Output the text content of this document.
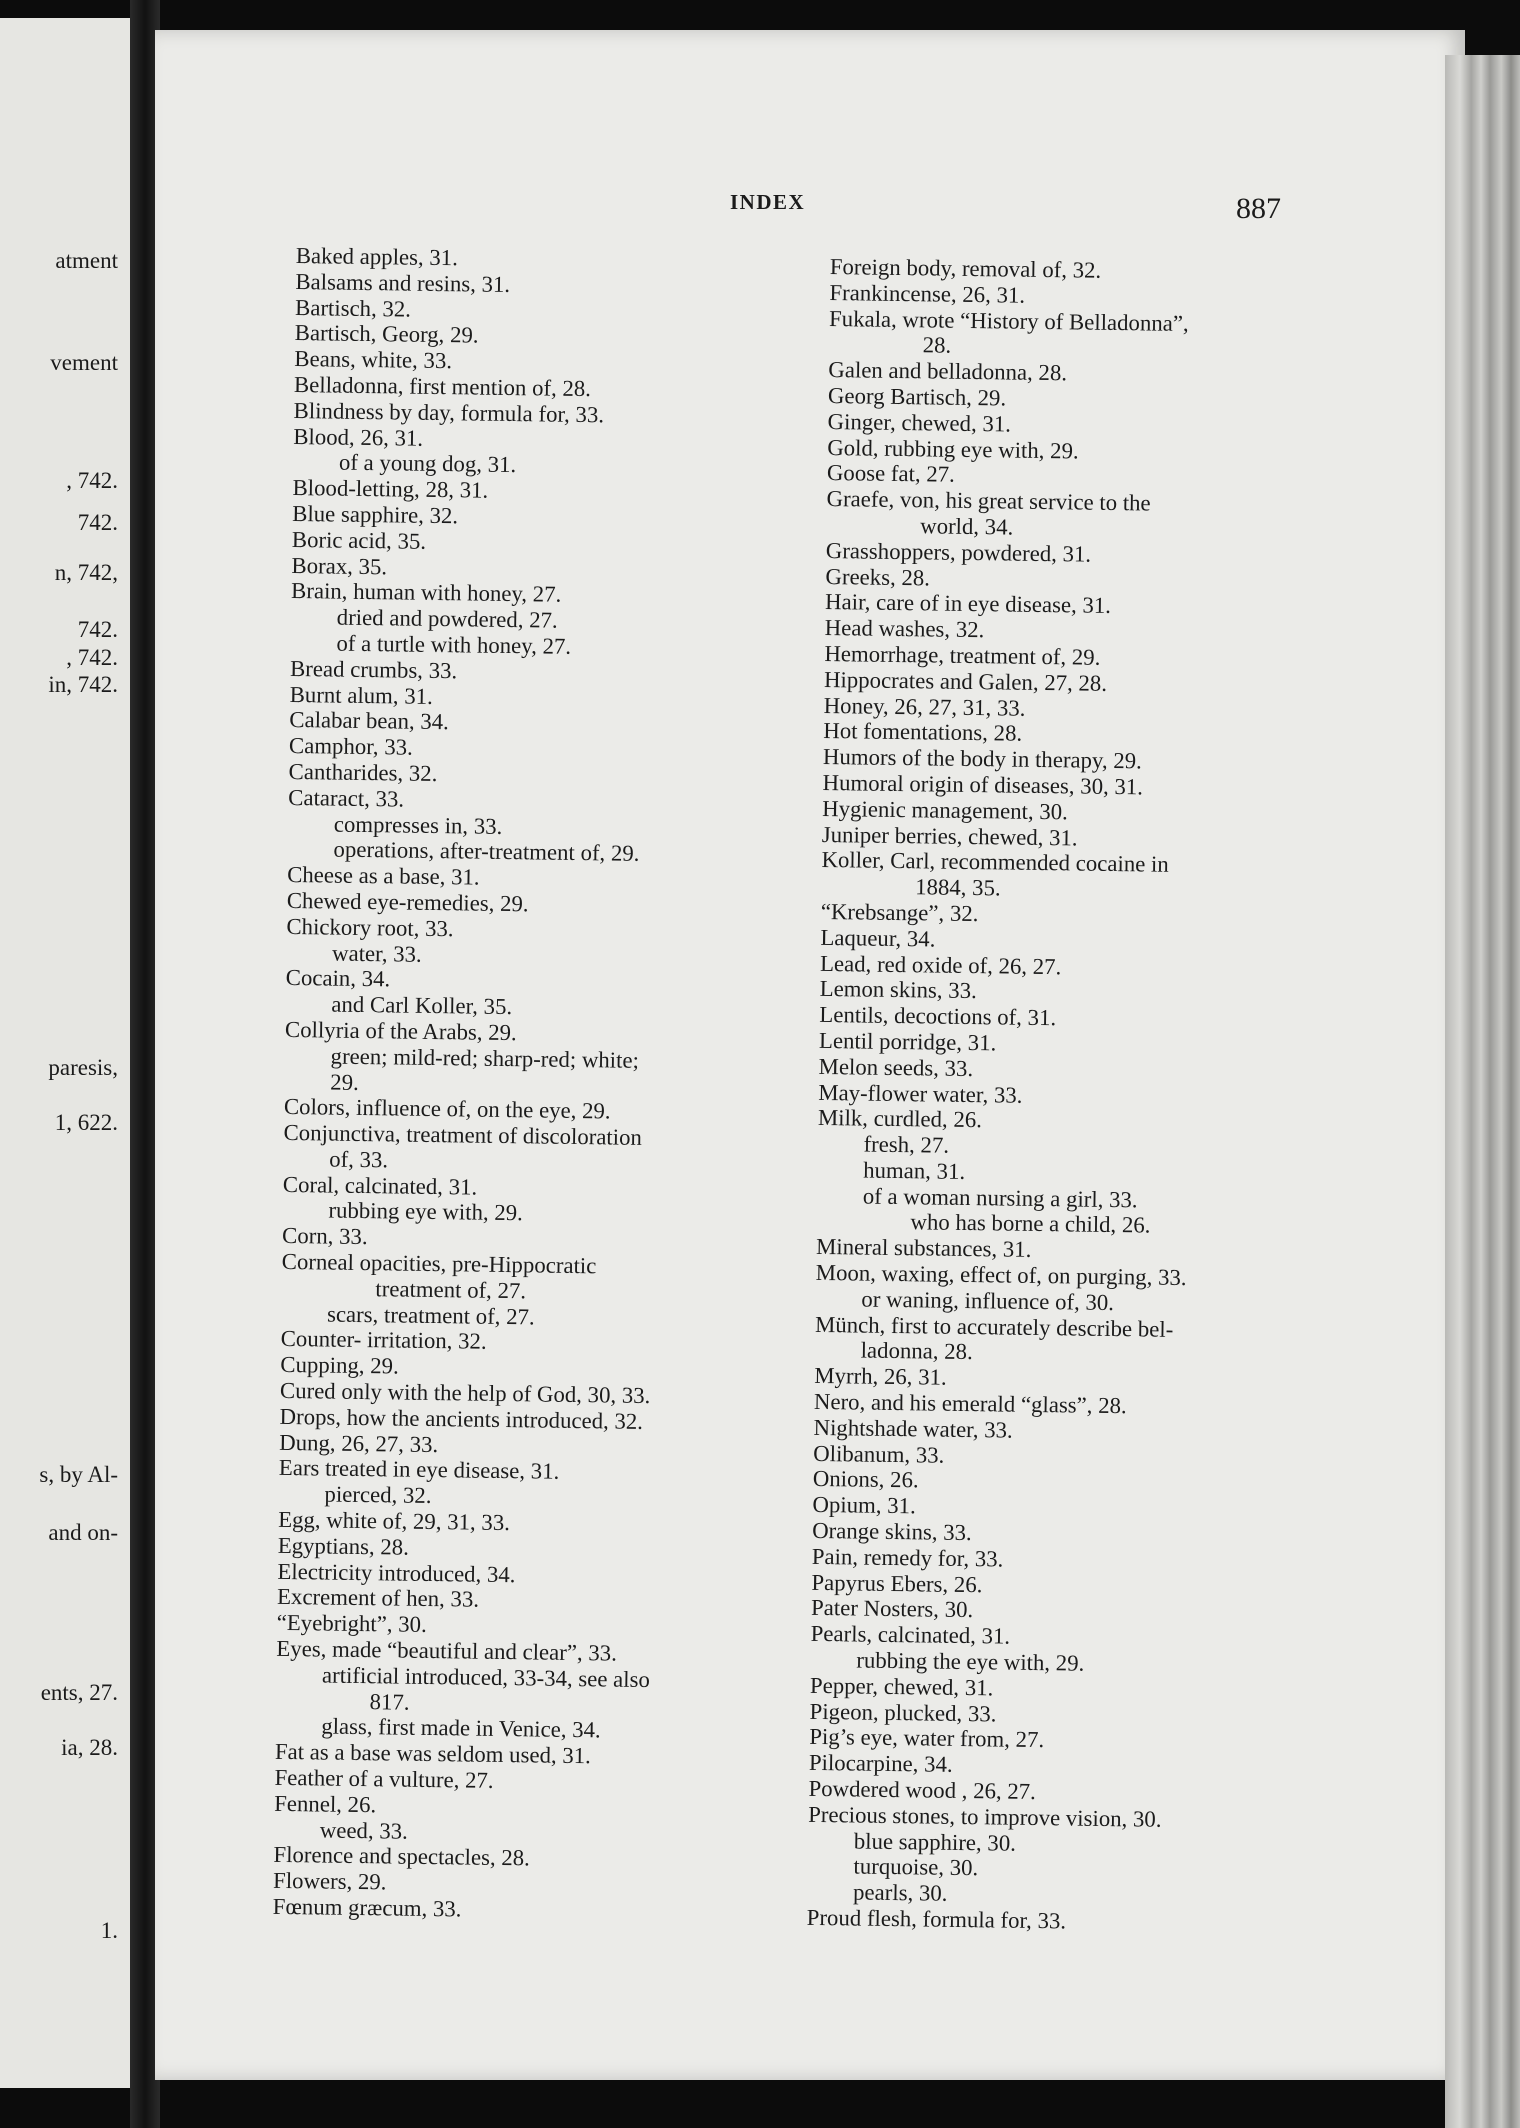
atment
vement
, 742.
742.
n, 742,
742.
, 742.
in, 742.
paresis,
1, 622.
s, by Al-
and on-
ents, 27.
ia, 28.
1.
INDEX	887
Baked apples, 31.
Balsams and resins, 31.
Bartisch, 32.
Bartisch, Georg, 29.
Beans, white, 33.
Belladonna, first mention of, 28.
Blindness by day, formula for, 33.
Blood, 26, 31.
of a young dog, 31.
Blood-letting, 28, 31.
Blue sapphire, 32.
Boric acid, 35.
Borax, 35.
Brain, human with honey, 27.
dried and powdered, 27.
of a turtle with honey, 27.
Bread crumbs, 33.
Burnt alum, 31.
Calabar bean, 34.
Camphor, 33.
Cantharides, 32.
Cataract, 33.
compresses in, 33.
operations, after-treatment of, 29.
Cheese as a base, 31.
Chewed eye-remedies, 29.
Chickory root, 33.
water, 33.
Cocain, 34.
and Carl Koller, 35.
Collyria of the Arabs, 29.
green; mild-red; sharp-red; white;
29.
Colors, influence of, on the eye, 29.
Conjunctiva, treatment of discoloration
of, 33.
Coral, calcinated, 31.
rubbing eye with, 29.
Corn, 33.
Corneal opacities, pre-Hippocratic
treatment of, 27.
scars, treatment of, 27.
Counter- irritation, 32.
Cupping, 29.
Cured only with the help of God, 30, 33.
Drops, how the ancients introduced, 32.
Dung, 26, 27, 33.
Ears treated in eye disease, 31.
pierced, 32.
Egg, white of, 29, 31, 33.
Egyptians, 28.
Electricity introduced, 34.
Excrement of hen, 33.
“Eyebright”, 30.
Eyes, made “beautiful and clear”, 33.
artificial introduced, 33-34, see also
817.
glass, first made in Venice, 34.
Fat as a base was seldom used, 31.
Feather of a vulture, 27.
Fennel, 26.
weed, 33.
Florence and spectacles, 28.
Flowers, 29.
Fœnum græcum, 33.
Foreign body, removal of, 32.
Frankincense, 26, 31.
Fukala, wrote “History of Belladonna”,
28.
Galen and belladonna, 28.
Georg Bartisch, 29.
Ginger, chewed, 31.
Gold, rubbing eye with, 29.
Goose fat, 27.
Graefe, von, his great service to the
world, 34.
Grasshoppers, powdered, 31.
Greeks, 28.
Hair, care of in eye disease, 31.
Head washes, 32.
Hemorrhage, treatment of, 29.
Hippocrates and Galen, 27, 28.
Honey, 26, 27, 31, 33.
Hot fomentations, 28.
Humors of the body in therapy, 29.
Humoral origin of diseases, 30, 31.
Hygienic management, 30.
Juniper berries, chewed, 31.
Koller, Carl, recommended cocaine in
1884, 35.
“Krebsange”, 32.
Laqueur, 34.
Lead, red oxide of, 26, 27.
Lemon skins, 33.
Lentils, decoctions of, 31.
Lentil porridge, 31.
Melon seeds, 33.
May-flower water, 33.
Milk, curdled, 26.
fresh, 27.
human, 31.
of a woman nursing a girl, 33.
who has borne a child, 26.
Mineral substances, 31.
Moon, waxing, effect of, on purging, 33.
or waning, influence of, 30.
Münch, first to accurately describe bel-
ladonna, 28.
Myrrh, 26, 31.
Nero, and his emerald “glass”, 28.
Nightshade water, 33.
Olibanum, 33.
Onions, 26.
Opium, 31.
Orange skins, 33.
Pain, remedy for, 33.
Papyrus Ebers, 26.
Pater Nosters, 30.
Pearls, calcinated, 31.
rubbing the eye with, 29.
Pepper, chewed, 31.
Pigeon, plucked, 33.
Pig’s eye, water from, 27.
Pilocarpine, 34.
Powdered wood , 26, 27.
Precious stones, to improve vision, 30.
blue sapphire, 30.
turquoise, 30.
pearls, 30.
Proud flesh, formula for, 33.
